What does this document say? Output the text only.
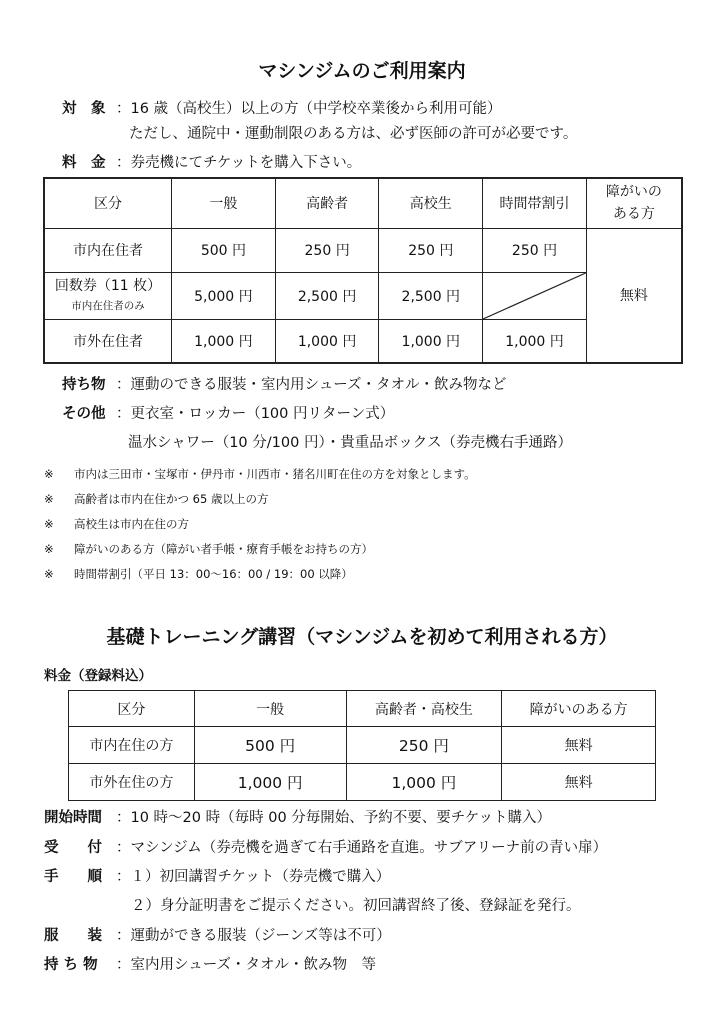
マシンジムのご利用案内
対　象 ：16 歳（高校生）以上の方（中学校卒業後から利用可能）
ただし、通院中・運動制限のある方は、必ず医師の許可が必要です。
料　金 ：券売機にてチケットを購入下さい。
区分	一般	高齢者	高校生	時間帯割引	障がいの
ある方

市内在住者	500 円	250 円	250 円	250 円	無料

回数券（11 枚）
市内在住者のみ	5,000 円	2,500 円	2,500 円	

市外在住者	1,000 円	1,000 円	1,000 円	1,000 円	
持ち物 ：運動のできる服装・室内用シューズ・タオル・飲み物など
その他 ：更衣室・ロッカー（100 円リターン式）
温水シャワー（10 分/100 円）・貴重品ボックス（券売機右手通路）
※ 市内は三田市・宝塚市・伊丹市・川西市・猪名川町在住の方を対象とします。
※ 高齢者は市内在住かつ 65 歳以上の方
※ 高校生は市内在住の方
※ 障がいのある方（障がい者手帳・療育手帳をお持ちの方）
※ 時間帯割引（平日 13：00〜16：00 / 19：00 以降）
基礎トレーニング講習（マシンジムを初めて利用される方）
料金（登録料込）
区分	一般	高齢者・高校生	障がいのある方
市内在住の方	500 円	250 円	無料
市外在住の方	1,000 円	1,000 円	無料
開始時間 ：10 時〜20 時（毎時 00 分毎開始、予約不要、要チケット購入）
受　　付 ：マシンジム（券売機を過ぎて右手通路を直進。サブアリーナ前の青い扉）
手　　順 ：１）初回講習チケット（券売機で購入）
２）身分証明書をご提示ください。初回講習終了後、登録証を発行。
服　　装 ：運動ができる服装（ジーンズ等は不可）
持 ち 物 ：室内用シューズ・タオル・飲み物　等
